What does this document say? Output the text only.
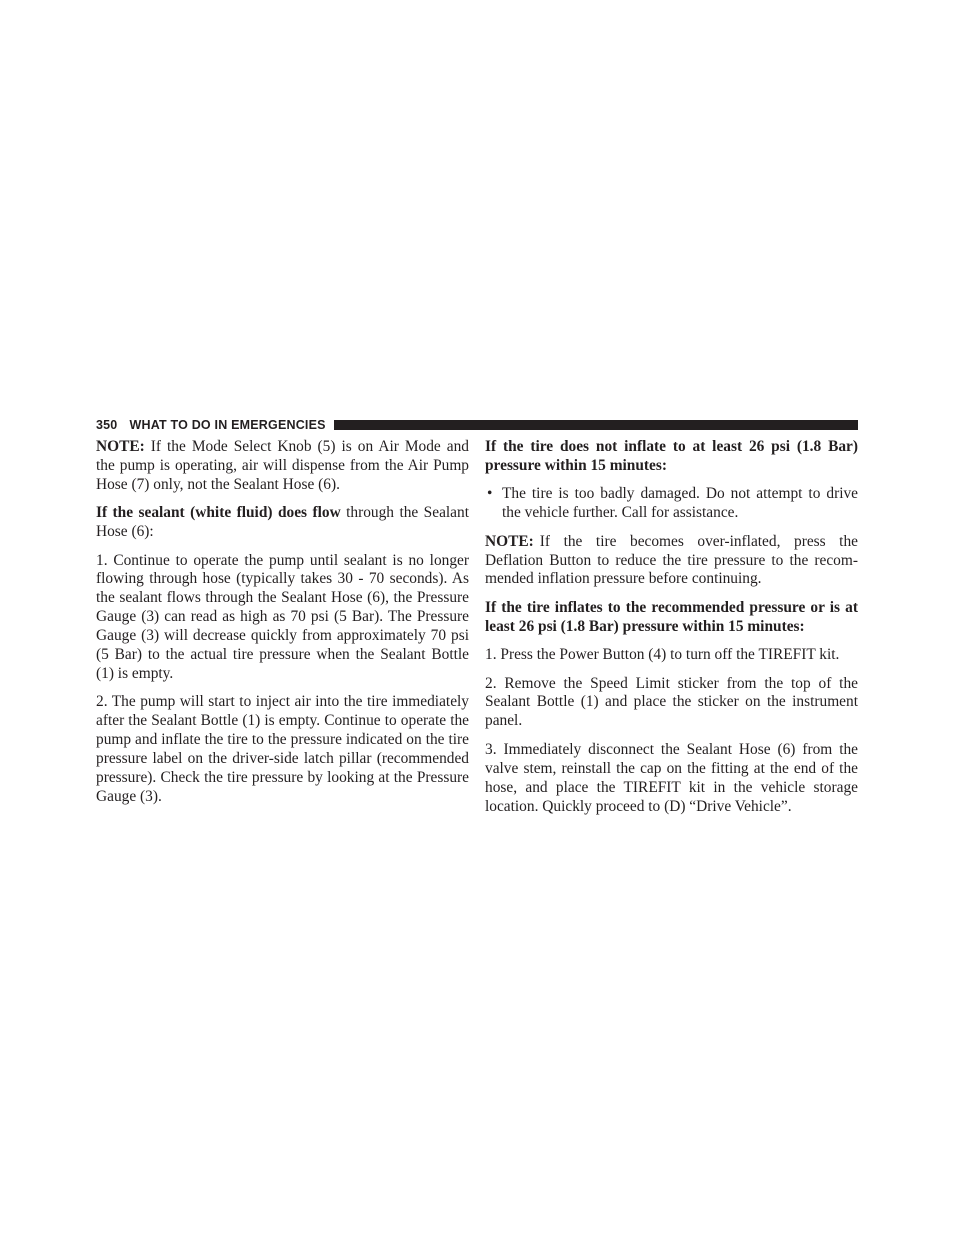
350 WHAT TO DO IN EMERGENCIES

NOTE: If the Mode Select Knob (5) is on Air Mode and the pump is operating, air will dispense from the Air Pump Hose (7) only, not the Sealant Hose (6).

If the sealant (white fluid) does flow through the Sealant Hose (6):

1. Continue to operate the pump until sealant is no longer flowing through hose (typically takes 30 - 70 seconds). As the sealant flows through the Sealant Hose (6), the Pressure Gauge (3) can read as high as 70 psi (5 Bar). The Pressure Gauge (3) will decrease quickly from approximately 70 psi (5 Bar) to the actual tire pressure when the Sealant Bottle (1) is empty.

2. The pump will start to inject air into the tire immediately after the Sealant Bottle (1) is empty. Continue to operate the pump and inflate the tire to the pressure indicated on the tire pressure label on the driver-side latch pillar (recommended pressure). Check the tire pressure by looking at the Pressure Gauge (3).

If the tire does not inflate to at least 26 psi (1.8 Bar) pressure within 15 minutes:

• The tire is too badly damaged. Do not attempt to drive the vehicle further. Call for assistance.

NOTE: If the tire becomes over-inflated, press the Deflation Button to reduce the tire pressure to the recommended inflation pressure before continuing.

If the tire inflates to the recommended pressure or is at least 26 psi (1.8 Bar) pressure within 15 minutes:

1. Press the Power Button (4) to turn off the TIREFIT kit.

2. Remove the Speed Limit sticker from the top of the Sealant Bottle (1) and place the sticker on the instrument panel.

3. Immediately disconnect the Sealant Hose (6) from the valve stem, reinstall the cap on the fitting at the end of the hose, and place the TIREFIT kit in the vehicle storage location. Quickly proceed to (D) “Drive Vehicle”.
